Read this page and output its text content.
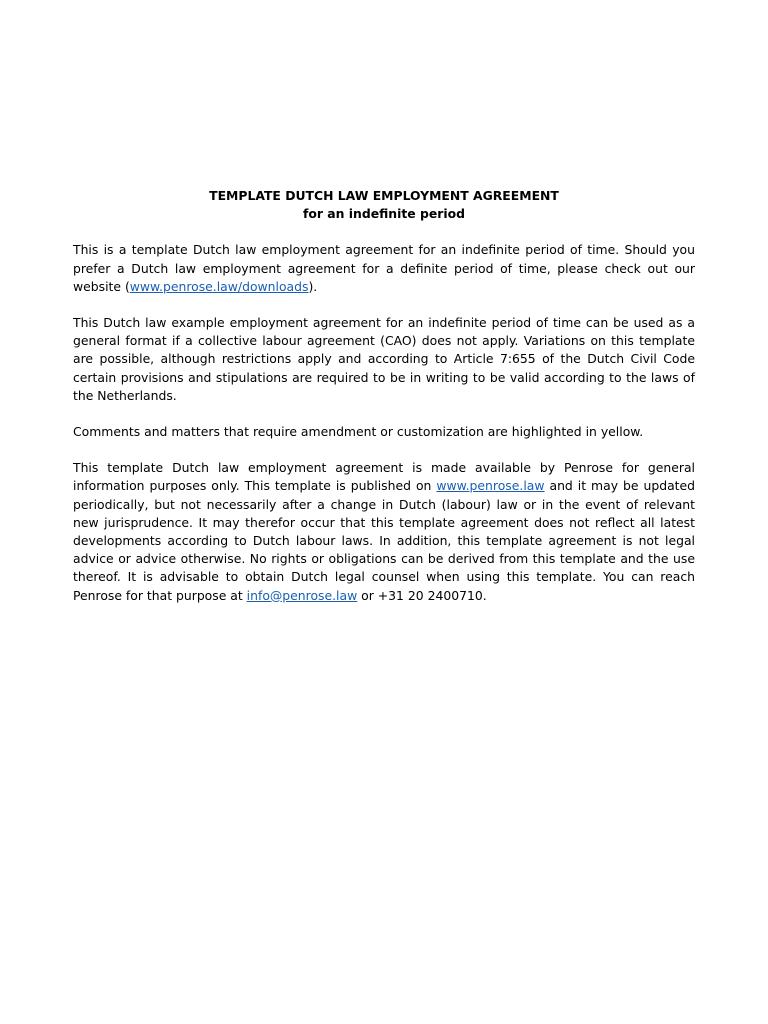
TEMPLATE DUTCH LAW EMPLOYMENT AGREEMENT
for an indefinite period

This is a template Dutch law employment agreement for an indefinite period of time. Should you prefer a Dutch law employment agreement for a definite period of time, please check out our website (www.penrose.law/downloads).

This Dutch law example employment agreement for an indefinite period of time can be used as a general format if a collective labour agreement (CAO) does not apply. Variations on this template are possible, although restrictions apply and according to Article 7:655 of the Dutch Civil Code certain provisions and stipulations are required to be in writing to be valid according to the laws of the Netherlands.

Comments and matters that require amendment or customization are highlighted in yellow.

This template Dutch law employment agreement is made available by Penrose for general information purposes only. This template is published on www.penrose.law and it may be updated periodically, but not necessarily after a change in Dutch (labour) law or in the event of relevant new jurisprudence. It may therefor occur that this template agreement does not reflect all latest developments according to Dutch labour laws. In addition, this template agreement is not legal advice or advice otherwise. No rights or obligations can be derived from this template and the use thereof. It is advisable to obtain Dutch legal counsel when using this template. You can reach Penrose for that purpose at info@penrose.law or +31 20 2400710.
